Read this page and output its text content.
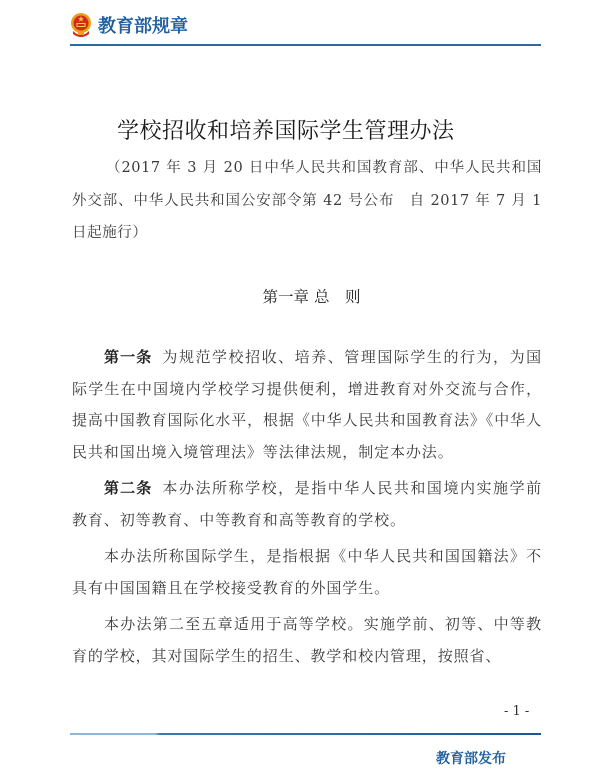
教育部规章
学校招收和培养国际学生管理办法
（2017 年 3 月 20 日中华人民共和国教育部、中华人民共和国外交部、中华人民共和国公安部令第 42 号公布　自 2017 年 7 月 1 日起施行）
第一章 总　则

第一条 为规范学校招收、培养、管理国际学生的行为，为国际学生在中国境内学校学习提供便利，增进教育对外交流与合作，提高中国教育国际化水平，根据《中华人民共和国教育法》《中华人民共和国出境入境管理法》等法律法规，制定本办法。

第二条 本办法所称学校，是指中华人民共和国境内实施学前教育、初等教育、中等教育和高等教育的学校。

本办法所称国际学生，是指根据《中华人民共和国国籍法》不具有中国国籍且在学校接受教育的外国学生。

本办法第二至五章适用于高等学校。实施学前、初等、中等教育的学校，其对国际学生的招生、教学和校内管理，按照省、

- 1 -
教育部发布
